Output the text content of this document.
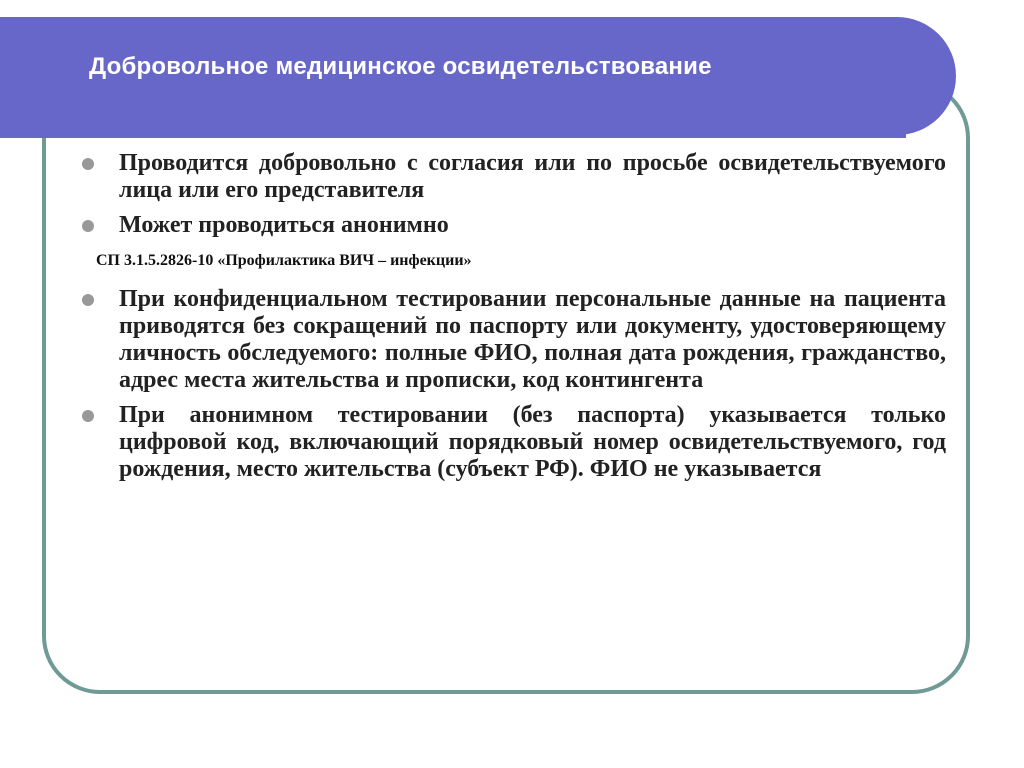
Добровольное медицинское освидетельствование
Проводится добровольно с согласия или по просьбе освидетельствуемого лица или его представителя
Может проводиться анонимно
СП 3.1.5.2826-10 «Профилактика ВИЧ – инфекции»
При конфиденциальном тестировании персональные данные на пациента приводятся без сокращений по паспорту или документу, удостоверяющему личность обследуемого: полные ФИО, полная дата рождения, гражданство, адрес места жительства и прописки, код контингента
При анонимном тестировании (без паспорта) указывается только цифровой код, включающий порядковый номер освидетельствуемого, год рождения, место жительства (субъект РФ). ФИО не указывается
